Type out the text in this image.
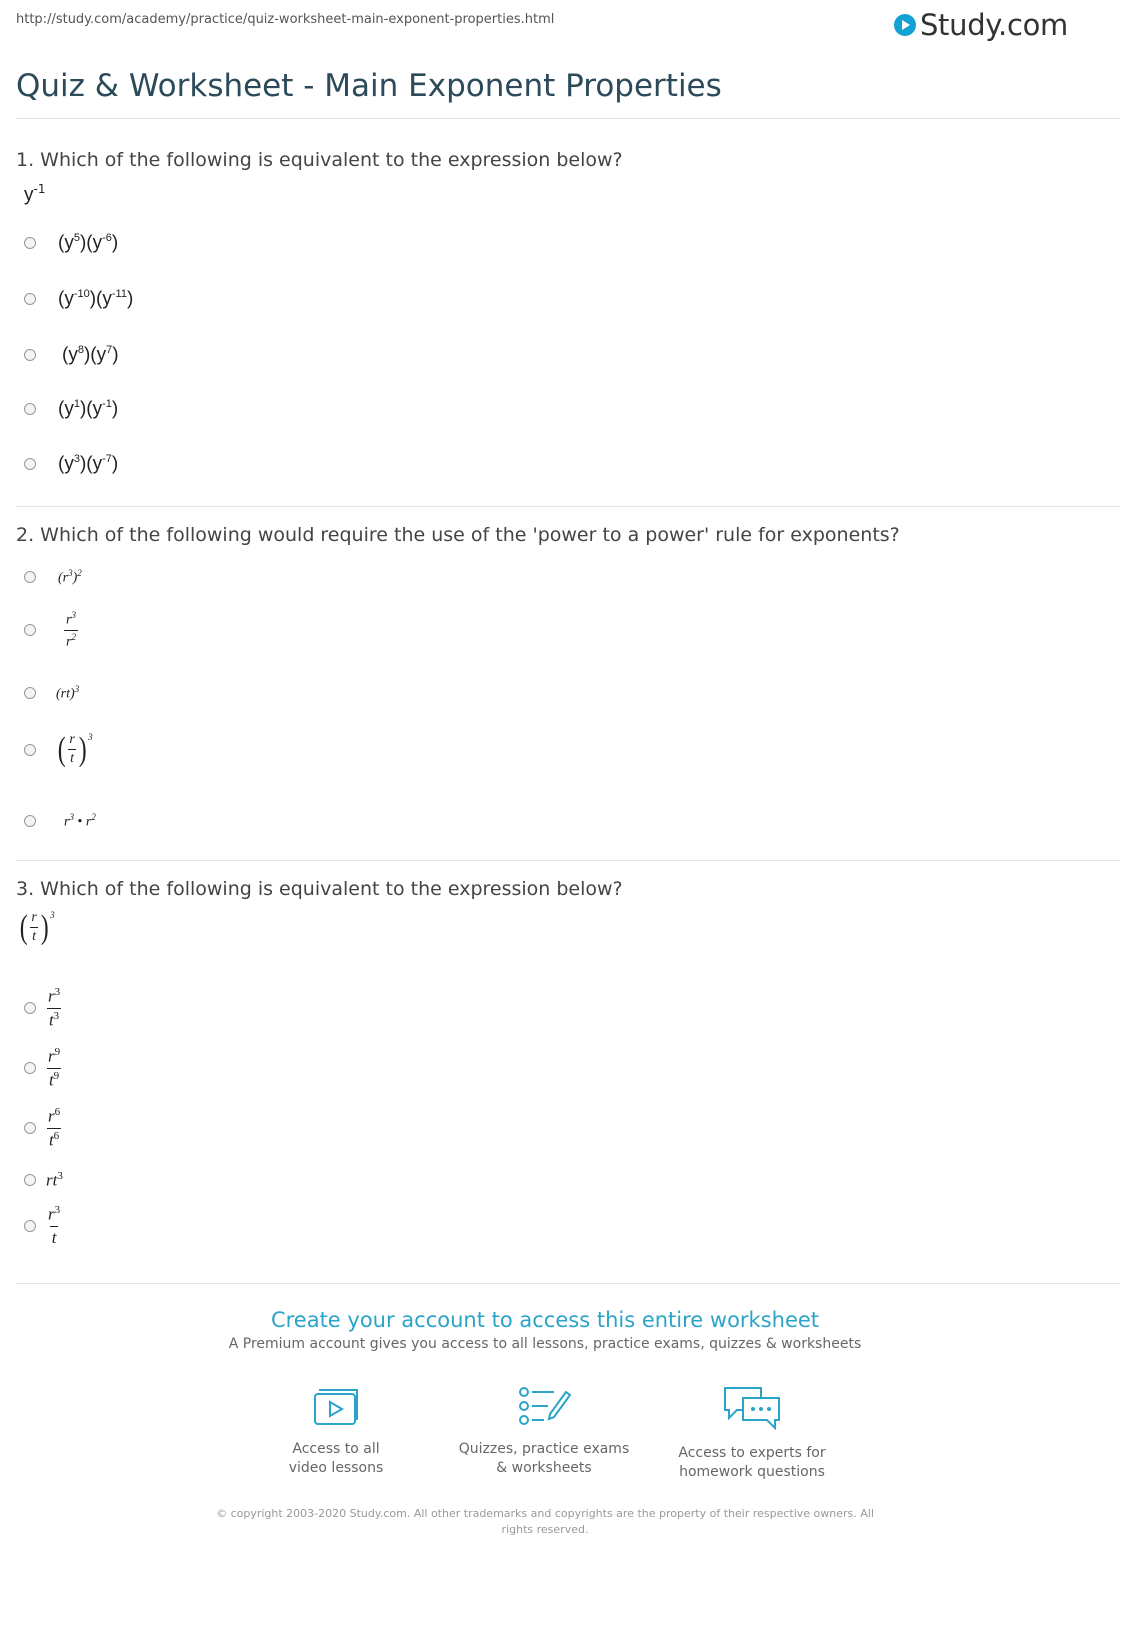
http://study.com/academy/practice/quiz-worksheet-main-exponent-properties.html	Study.com
Quiz & Worksheet - Main Exponent Properties
1. Which of the following is equivalent to the expression below?
$y^{-1}$
$(y^5)(y^{-6})$
$(y^{-10})(y^{-11})$
$(y^8)(y^7)$
$(y^1)(y^{-1})$
$(y^3)(y^{-7})$
2. Which of the following would require the use of the 'power to a power' rule for exponents?
$(r^3)^2$
$\frac{r^3}{r^2}$
(rt)$^3$
( $\frac{r}{t} )^3$
$r^3$ • $r^2$
3. Which of the following is equivalent to the expression below?
( $\frac{r}{t} )^3$
$\frac{r^3}{t^3}$
$\frac{r^9}{t^9}$
$\frac{r^6}{t^6}$
$rt^3$
$\frac{r^3}{t}$
Create your account to access this entire worksheet
A Premium account gives you access to all lessons, practice exams, quizzes & worksheets
Access to all
video lessons
Quizzes, practice exams
& worksheets
Access to experts for
homework questions
© copyright 2003-2020 Study.com. All other trademarks and copyrights are the property of their respective owners. All rights reserved.
